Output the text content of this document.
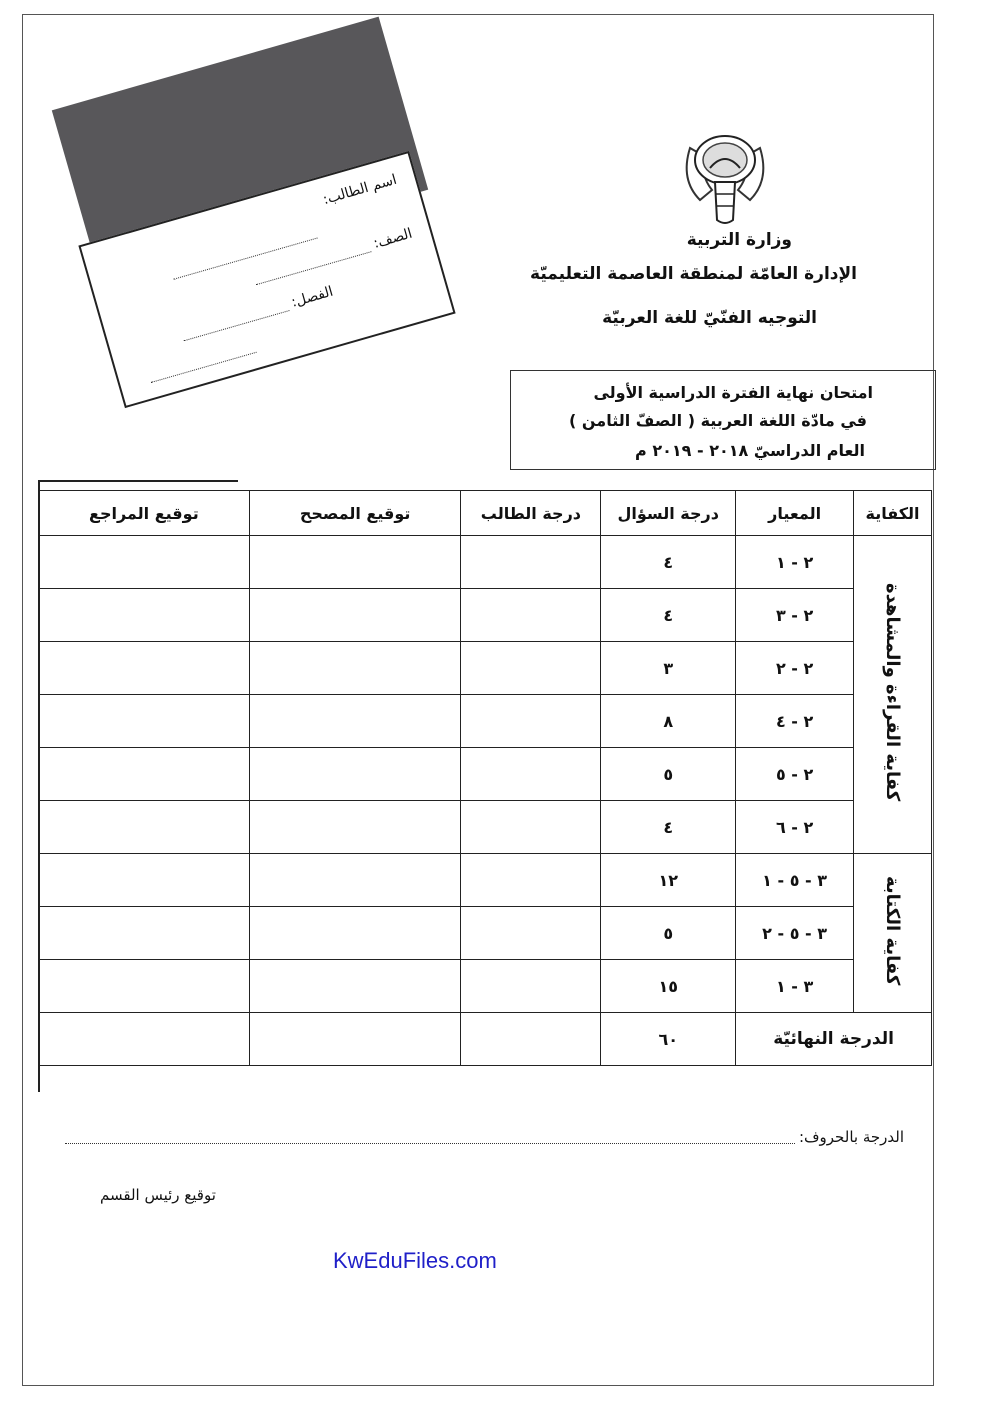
اسم الطالب:
الصف:
الفصل:
وزارة التربية
الإدارة العامّة لمنطقة العاصمة التعليميّة
التوجيه الفنّيّ للغة العربيّة
امتحان نهاية الفترة الدراسية الأولى
في مادّة اللغة العربية ( الصفّ الثامن )
العام الدراسيّ ٢٠١٨ - ٢٠١٩ م
الكفاية	المعيار	درجة السؤال	درجة الطالب	توقيع المصحح	توقيع المراجع
كفاية القراءة والمشاهدة	٢ - ١	٤			
	٢ - ٣	٤			
	٢ - ٢	٣			
	٢ - ٤	٨			
	٢ - ٥	٥			
	٢ - ٦	٤			
كفاية الكتابة	٣ - ٥ - ١	١٢			
	٣ - ٥ - ٢	٥			
	٣ - ١	١٥			
الدرجة النهائيّة		٦٠			
الدرجة بالحروف:
توقيع رئيس القسم
KwEduFiles.com
